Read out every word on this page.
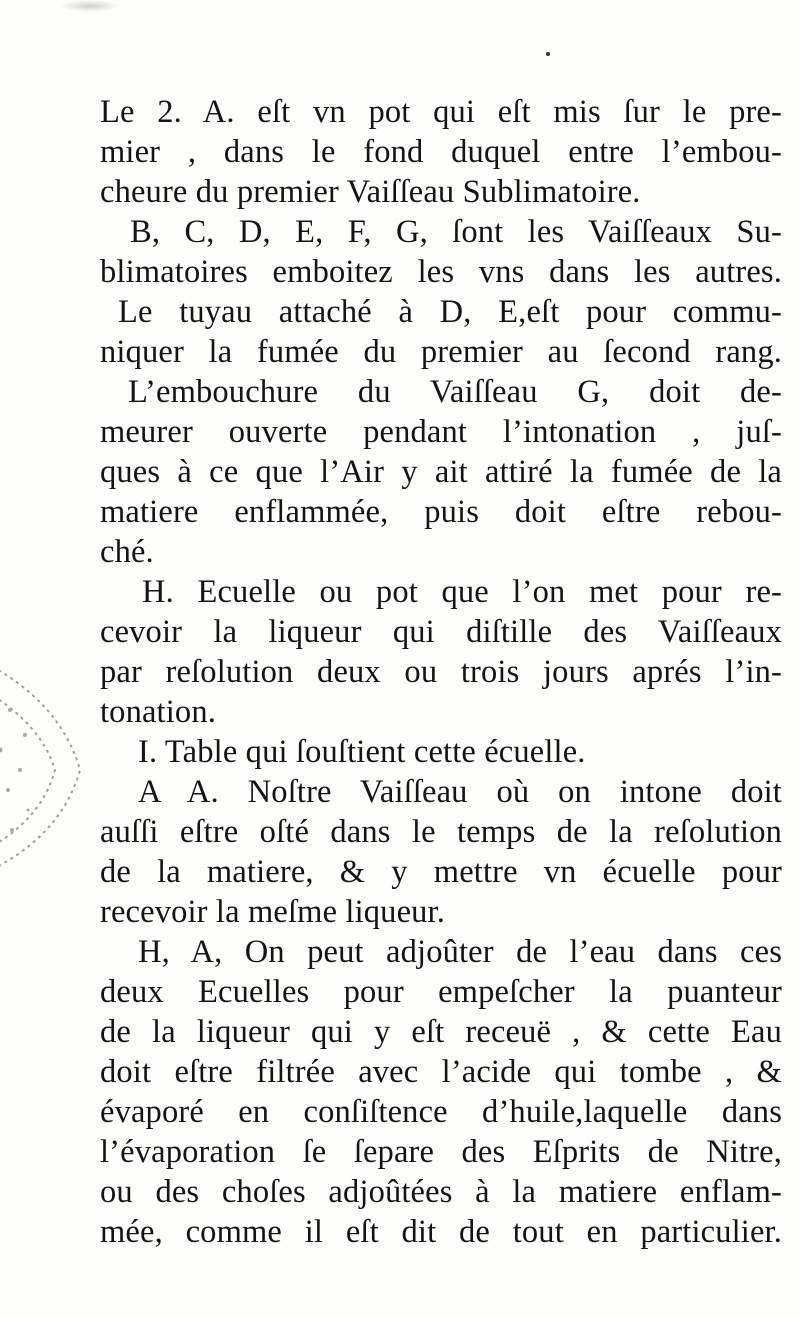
Le 2. A. eſt vn pot qui eſt mis ſur le pre-
mier , dans le fond duquel entre l’embou-
cheure du premier Vaiſſeau Sublimatoire.
B, C, D, E, F, G, ſont les Vaiſſeaux Su-
blimatoires emboitez les vns dans les autres.
Le tuyau attaché à D, E,eſt pour commu-
niquer la fumée du premier au ſecond rang.
L’embouchure du Vaiſſeau G, doit de-
meurer ouverte pendant l’intonation , juſ-
ques à ce que l’Air y ait attiré la fumée de la
matiere enflammée, puis doit eſtre rebou-
ché.
H. Ecuelle ou pot que l’on met pour re-
cevoir la liqueur qui diſtille des Vaiſſeaux
par reſolution deux ou trois jours aprés l’in-
tonation.
I. Table qui ſouſtient cette écuelle.
A A. Noſtre Vaiſſeau où on intone doit
auſſi eſtre oſté dans le temps de la reſolution
de la matiere, & y mettre vn écuelle pour
recevoir la meſme liqueur.
H, A, On peut adjoûter de l’eau dans ces
deux Ecuelles pour empeſcher la puanteur
de la liqueur qui y eſt receuë , & cette Eau
doit eſtre filtrée avec l’acide qui tombe , &
évaporé en conſiſtence d’huile,laquelle dans
l’évaporation ſe ſepare des Eſprits de Nitre,
ou des choſes adjoûtées à la matiere enflam-
mée, comme il eſt dit de tout en particulier.
